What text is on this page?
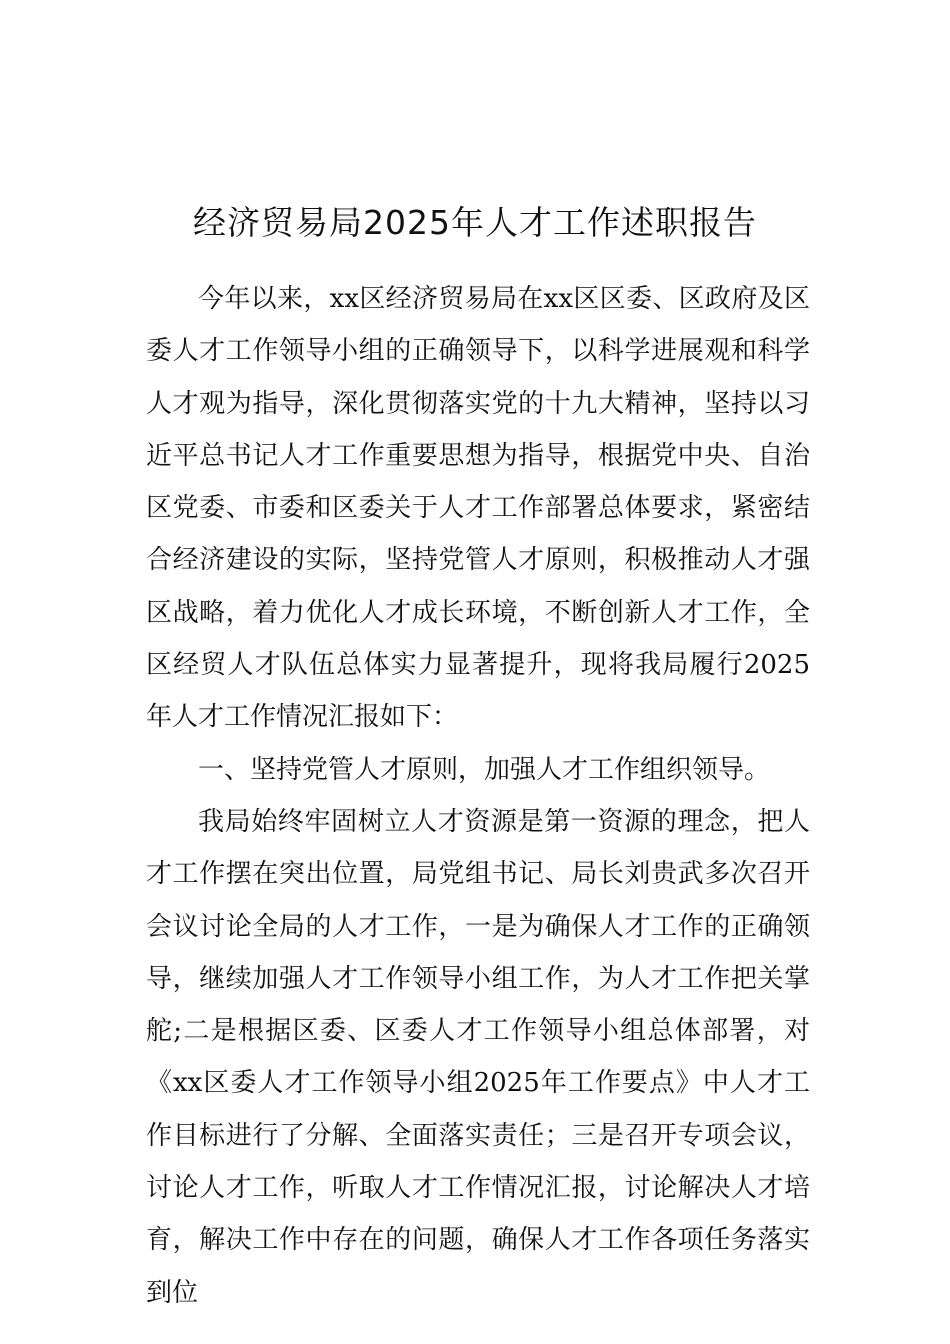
经济贸易局2025年人才工作述职报告

今年以来，xx区经济贸易局在xx区区委、区政府及区委人才工作领导小组的正确领导下，以科学进展观和科学人才观为指导，深化贯彻落实党的十九大精神，坚持以习近平总书记人才工作重要思想为指导，根据党中央、自治区党委、市委和区委关于人才工作部署总体要求，紧密结合经济建设的实际，坚持党管人才原则，积极推动人才强区战略，着力优化人才成长环境，不断创新人才工作，全区经贸人才队伍总体实力显著提升，现将我局履行2025年人才工作情况汇报如下：

一、坚持党管人才原则，加强人才工作组织领导。

我局始终牢固树立人才资源是第一资源的理念，把人才工作摆在突出位置，局党组书记、局长刘贵武多次召开会议讨论全局的人才工作，一是为确保人才工作的正确领导，继续加强人才工作领导小组工作，为人才工作把关掌舵;二是根据区委、区委人才工作领导小组总体部署，对《xx区委人才工作领导小组2025年工作要点》中人才工作目标进行了分解、全面落实责任；三是召开专项会议，讨论人才工作，听取人才工作情况汇报，讨论解决人才培育，解决工作中存在的问题，确保人才工作各项任务落实到位
